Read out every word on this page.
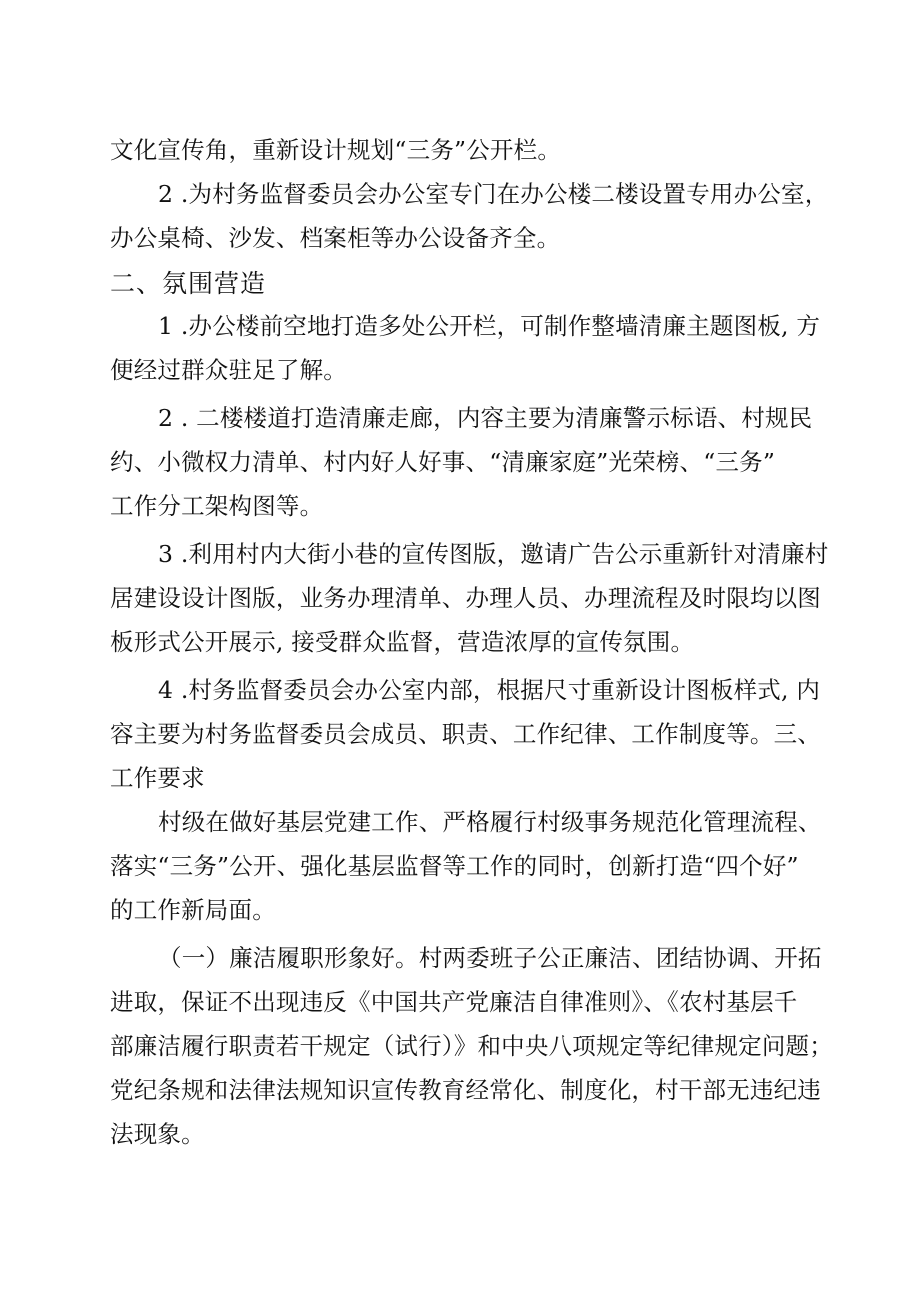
文化宣传角，重新设计规划“三务”公开栏。
2 .为村务监督委员会办公室专门在办公楼二楼设置专用办公室，
办公桌椅、沙发、档案柜等办公设备齐全。
二、氛围营造
1 .办公楼前空地打造多处公开栏，可制作整墙清廉主题图板, 方
便经过群众驻足了解。
2 . 二楼楼道打造清廉走廊，内容主要为清廉警示标语、村规民
约、小微权力清单、村内好人好事、“清廉家庭”光荣榜、“三务”
工作分工架构图等。
3 .利用村内大街小巷的宣传图版，邀请广告公示重新针对清廉村
居建设设计图版，业务办理清单、办理人员、办理流程及时限均以图
板形式公开展示, 接受群众监督，营造浓厚的宣传氛围。
4 .村务监督委员会办公室内部，根据尺寸重新设计图板样式, 内
容主要为村务监督委员会成员、职责、工作纪律、工作制度等。三、
工作要求
村级在做好基层党建工作、严格履行村级事务规范化管理流程、
落实“三务”公开、强化基层监督等工作的同时，创新打造“四个好”
的工作新局面。
（一）廉洁履职形象好。村两委班子公正廉洁、团结协调、开拓
进取，保证不出现违反《中国共产党廉洁自律准则》、《农村基层千
部廉洁履行职责若干规定（试行）》和中央八项规定等纪律规定问题；
党纪条规和法律法规知识宣传教育经常化、制度化，村干部无违纪违
法现象。
